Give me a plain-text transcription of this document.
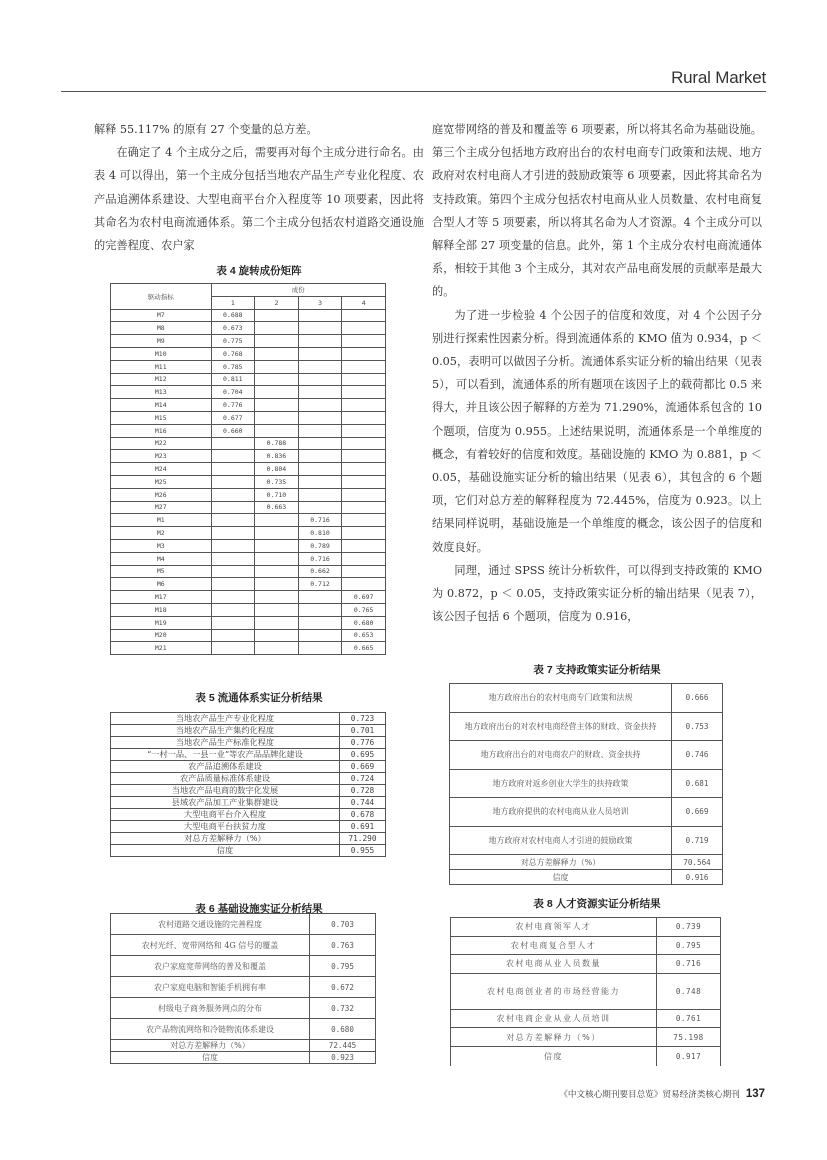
Rural Market

解释 55.117% 的原有 27 个变量的总方差。

在确定了 4 个主成分之后，需要再对每个主成分进行命名。由表 4 可以得出，第一个主成分包括当地农产品生产专业化程度、农产品追溯体系建设、大型电商平台介入程度等 10 项要素，因此将其命名为农村电商流通体系。第二个主成分包括农村道路交通设施的完善程度、农户家

庭宽带网络的普及和覆盖等 6 项要素，所以将其名命为基础设施。第三个主成分包括地方政府出台的农村电商专门政策和法规、地方政府对农村电商人才引进的鼓励政策等 6 项要素，因此将其命名为支持政策。第四个主成分包括农村电商从业人员数量、农村电商复合型人才等 5 项要素，所以将其名命为人才资源。4 个主成分可以解释全部 27 项变量的信息。此外，第 1 个主成分农村电商流通体系，相较于其他 3 个主成分，其对农产品电商发展的贡献率是最大的。

为了进一步检验 4 个公因子的信度和效度，对 4 个公因子分别进行探索性因素分析。得到流通体系的 KMO 值为 0.934，p ＜ 0.05，表明可以做因子分析。流通体系实证分析的输出结果（见表 5），可以看到，流通体系的所有题项在该因子上的载荷都比 0.5 来得大，并且该公因子解释的方差为 71.290%，流通体系包含的 10 个题项，信度为 0.955。上述结果说明，流通体系是一个单维度的概念，有着较好的信度和效度。基础设施的 KMO 为 0.881，p ＜ 0.05，基础设施实证分析的输出结果（见表 6），其包含的 6 个题项，它们对总方差的解释程度为 72.445%，信度为 0.923。以上结果同样说明，基础设施是一个单维度的概念，该公因子的信度和效度良好。

同理，通过 SPSS 统计分析软件，可以得到支持政策的 KMO 为 0.872，p ＜ 0.05，支持政策实证分析的输出结果（见表 7），该公因子包括 6 个题项，信度为 0.916，

表 4 旋转成份矩阵
驱动指标	成份			
	1	2	3	4
M7	0.688			
M8	0.673			
M9	0.775			
M10	0.768			
M11	0.785			
M12	0.811			
M13	0.704			
M14	0.776			
M15	0.677			
M16	0.660			
M22		0.788		
M23		0.836		
M24		0.804		
M25		0.735		
M26		0.710		
M27		0.663		
M1			0.716	
M2			0.810	
M3			0.789	
M4			0.716	
M5			0.662	
M6			0.712	
M17				0.697
M18				0.765
M19				0.680
M20				0.653
M21				0.665
表 5 流通体系实证分析结果
当地农产品生产专业化程度	0.723
当地农产品生产集约化程度	0.701
当地农产品生产标准化程度	0.776
“一村一品、一县一业”等农产品品牌化建设	0.695
农产品追溯体系建设	0.669
农产品质量标准体系建设	0.724
当地农产品电商的数字化发展	0.728
县域农产品加工产业集群建设	0.744
大型电商平台介入程度	0.678
大型电商平台扶贫力度	0.691
对总方差解释力（%）	71.290
信度	0.955
表 6 基础设施实证分析结果
农村道路交通设施的完善程度	0.703
农村光纤、宽带网络和 4G 信号的覆盖	0.763
农户家庭宽带网络的普及和覆盖	0.795
农户家庭电脑和智能手机拥有率	0.672
村级电子商务服务网点的分布	0.732
农产品物流网络和冷链物流体系建设	0.680
对总方差解释力（%）	72.445
信度	0.923
表 7 支持政策实证分析结果
地方政府出台的农村电商专门政策和法规	0.666
地方政府出台的对农村电商经营主体的财政、资金扶持	0.753
地方政府出台的对电商农户的财政、资金扶持	0.746
地方政府对返乡创业大学生的扶持政策	0.681
地方政府提供的农村电商从业人员培训	0.669
地方政府对农村电商人才引进的鼓励政策	0.719
对总方差解释力（%）	70.564
信度	0.916
表 8 人才资源实证分析结果
农村电商领军人才	0.739
农村电商复合型人才	0.795
农村电商从业人员数量	0.716
农村电商创业者的市场经营能力	0.748
农村电商企业从业人员培训	0.761
对总方差解释力（%）	75.198
信度	0.917
《中文核心期刊要目总览》贸易经济类核心期刊 137
